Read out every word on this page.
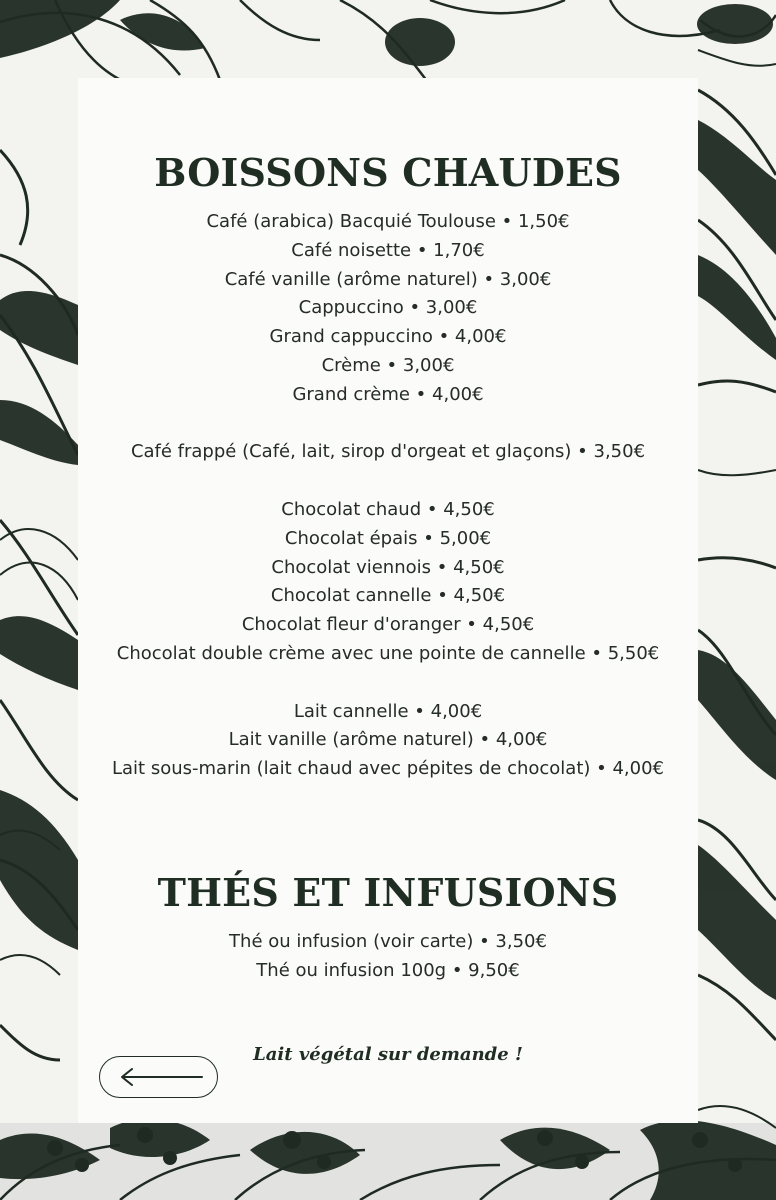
BOISSONS CHAUDES
Café (arabica) Bacquié Toulouse • 1,50€
Café noisette • 1,70€
Café vanille (arôme naturel) • 3,00€
Cappuccino • 3,00€
Grand cappuccino • 4,00€
Crème • 3,00€
Grand crème • 4,00€
Café frappé (Café, lait, sirop d'orgeat et glaçons) • 3,50€
Chocolat chaud • 4,50€
Chocolat épais • 5,00€
Chocolat viennois • 4,50€
Chocolat cannelle • 4,50€
Chocolat fleur d'oranger • 4,50€
Chocolat double crème avec une pointe de cannelle • 5,50€
Lait cannelle • 4,00€
Lait vanille (arôme naturel) • 4,00€
Lait sous-marin (lait chaud avec pépites de chocolat) • 4,00€
THÉS ET INFUSIONS
Thé ou infusion (voir carte) • 3,50€
Thé ou infusion 100g • 9,50€
Lait végétal sur demande !
